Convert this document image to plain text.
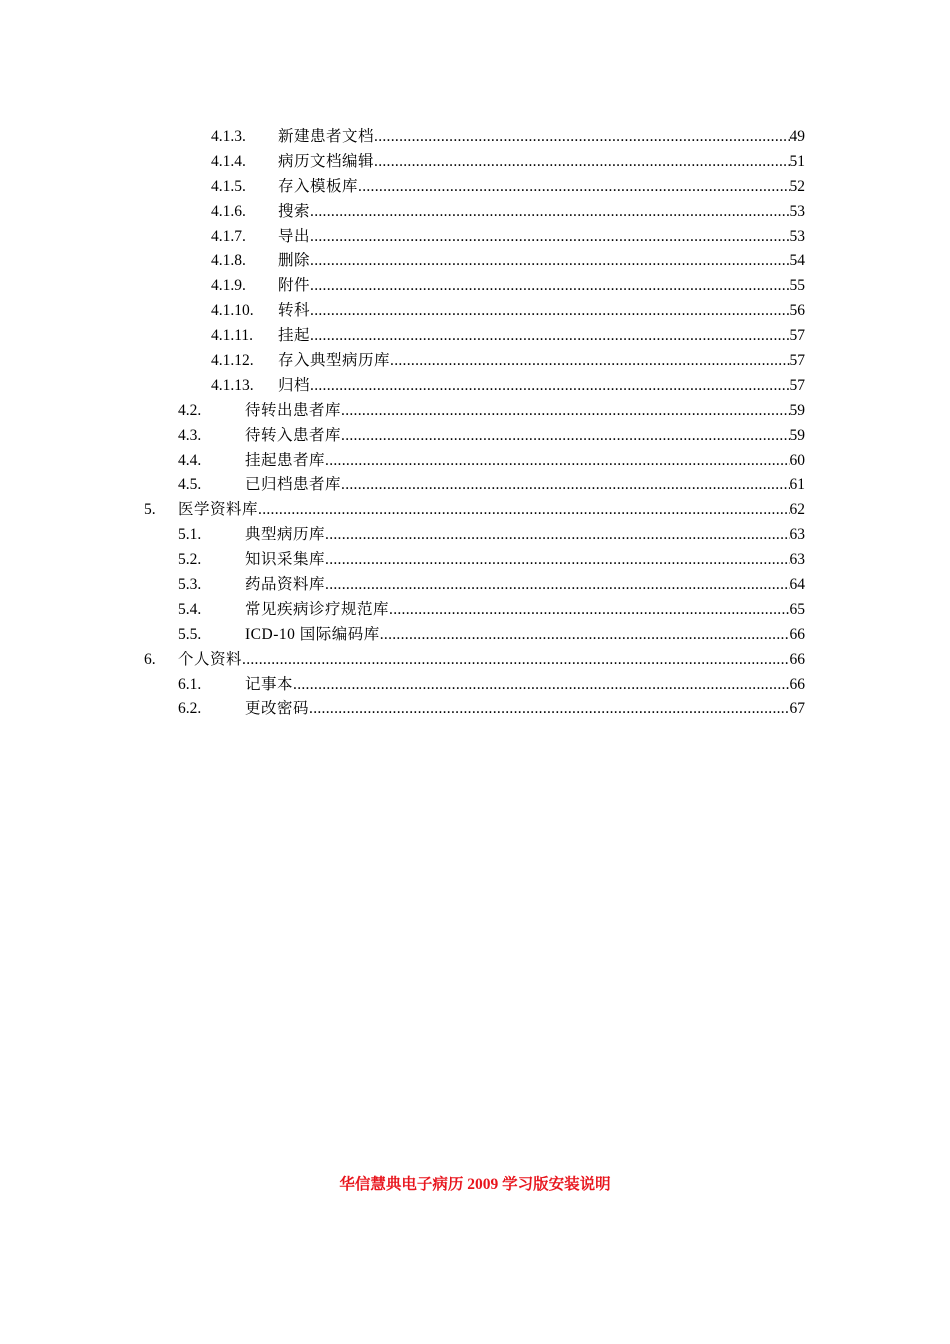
4.1.3. 新建患者文档 .....	49
4.1.4. 病历文档编辑 .....	51
4.1.5. 存入模板库 .....	52
4.1.6. 搜索 .....	53
4.1.7. 导出 .....	53
4.1.8. 删除 .....	54
4.1.9. 附件 .....	55
4.1.10. 转科 .....	56
4.1.11. 挂起 .....	57
4.1.12. 存入典型病历库 .....	57
4.1.13. 归档 .....	57
4.2.	待转出患者库 .....	59
4.3.	待转入患者库 .....	59
4.4.	挂起患者库 .....	60
4.5.	已归档患者库 .....	61
5. 医学资料库 .....	62
5.1.	典型病历库 .....	63
5.2.	知识采集库 .....	63
5.3.	药品资料库 .....	64
5.4.	常见疾病诊疗规范库 .....	65
5.5.	ICD-10 国际编码库 .....	66
6. 个人资料 .....	66
6.1.	记事本 .....	66
6.2.	更改密码 .....	67
华信慧典电子病历 2009 学习版安装说明
